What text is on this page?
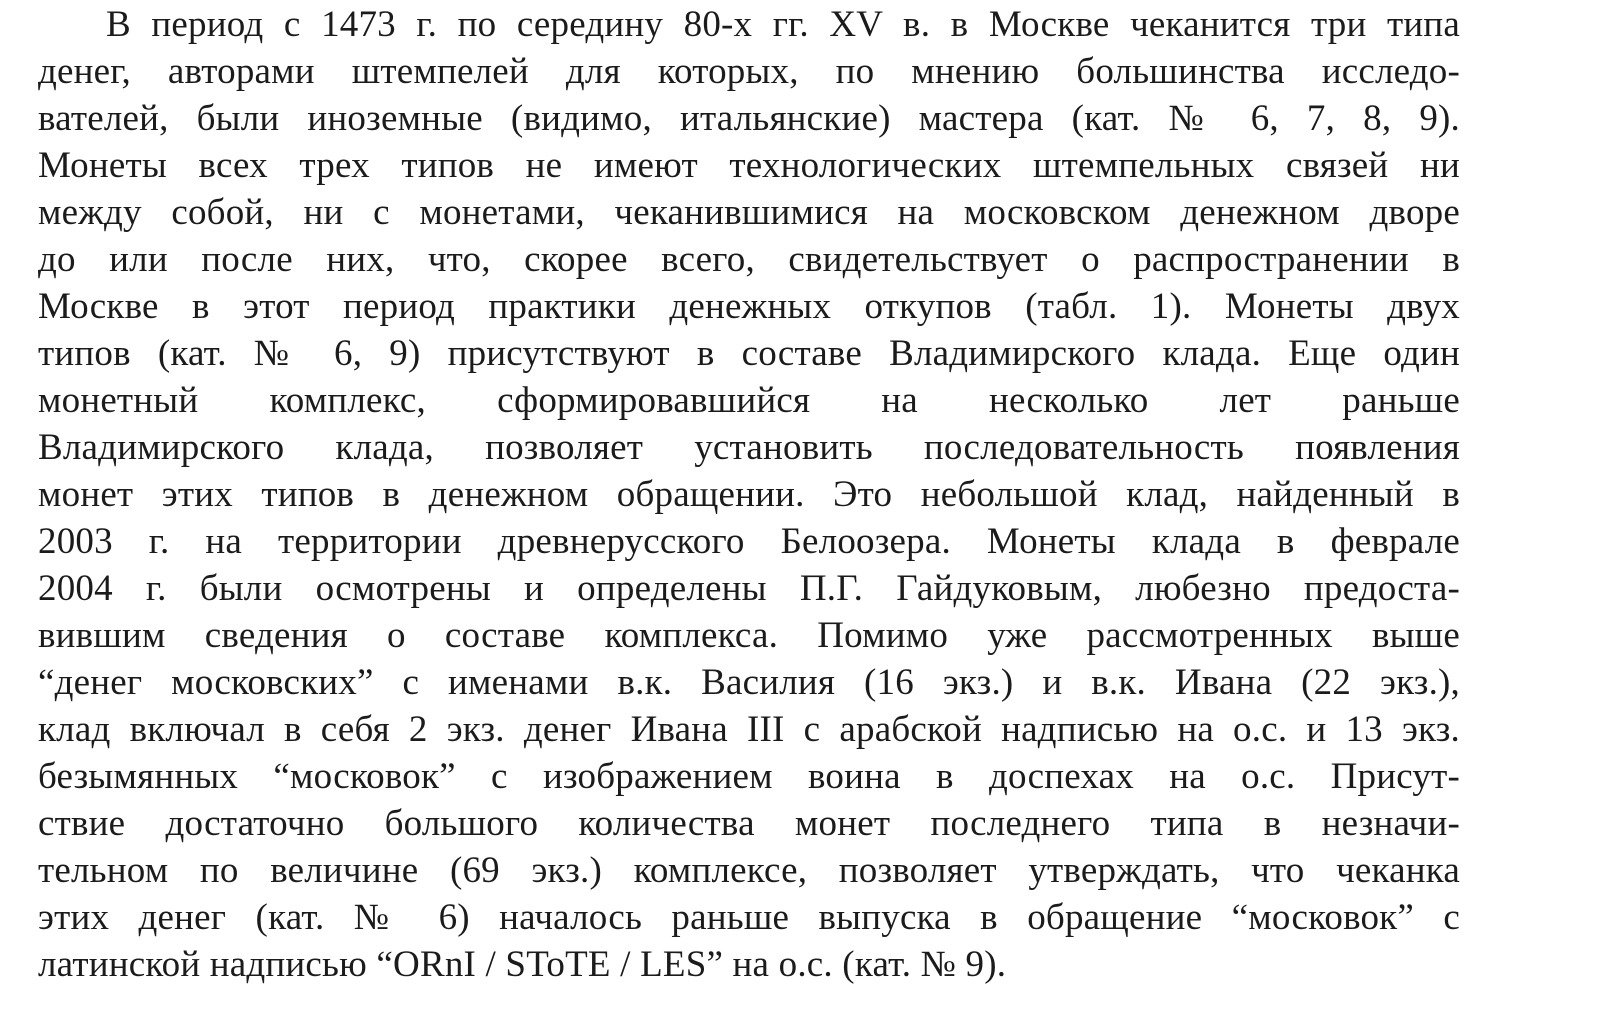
В период с 1473 г. по середину 80-х гг. XV в. в Москве чеканится три типа
денег, авторами штемпелей для которых, по мнению большинства исследо-
вателей, были иноземные (видимо, итальянские) мастера (кат. № 6, 7, 8, 9).
Монеты всех трех типов не имеют технологических штемпельных связей ни
между собой, ни с монетами, чеканившимися на московском денежном дворе
до или после них, что, скорее всего, свидетельствует о распространении в
Москве в этот период практики денежных откупов (табл. 1). Монеты двух
типов (кат. № 6, 9) присутствуют в составе Владимирского клада. Еще один
монетный комплекс, сформировавшийся на несколько лет раньше
Владимирского клада, позволяет установить последовательность появления
монет этих типов в денежном обращении. Это небольшой клад, найденный в
2003 г. на территории древнерусского Белоозера. Монеты клада в феврале
2004 г. были осмотрены и определены П.Г. Гайдуковым, любезно предоста-
вившим сведения о составе комплекса. Помимо уже рассмотренных выше
“денег московских” с именами в.к. Василия (16 экз.) и в.к. Ивана (22 экз.),
клад включал в себя 2 экз. денег Ивана III с арабской надписью на о.с. и 13 экз.
безымянных “московок” с изображением воина в доспехах на о.с. Присут-
ствие достаточно большого количества монет последнего типа в незначи-
тельном по величине (69 экз.) комплексе, позволяет утверждать, что чеканка
этих денег (кат. № 6) началось раньше выпуска в обращение “московок” с
латинской надписью “ORnI / SToTE / LES” на о.с. (кат. № 9).
